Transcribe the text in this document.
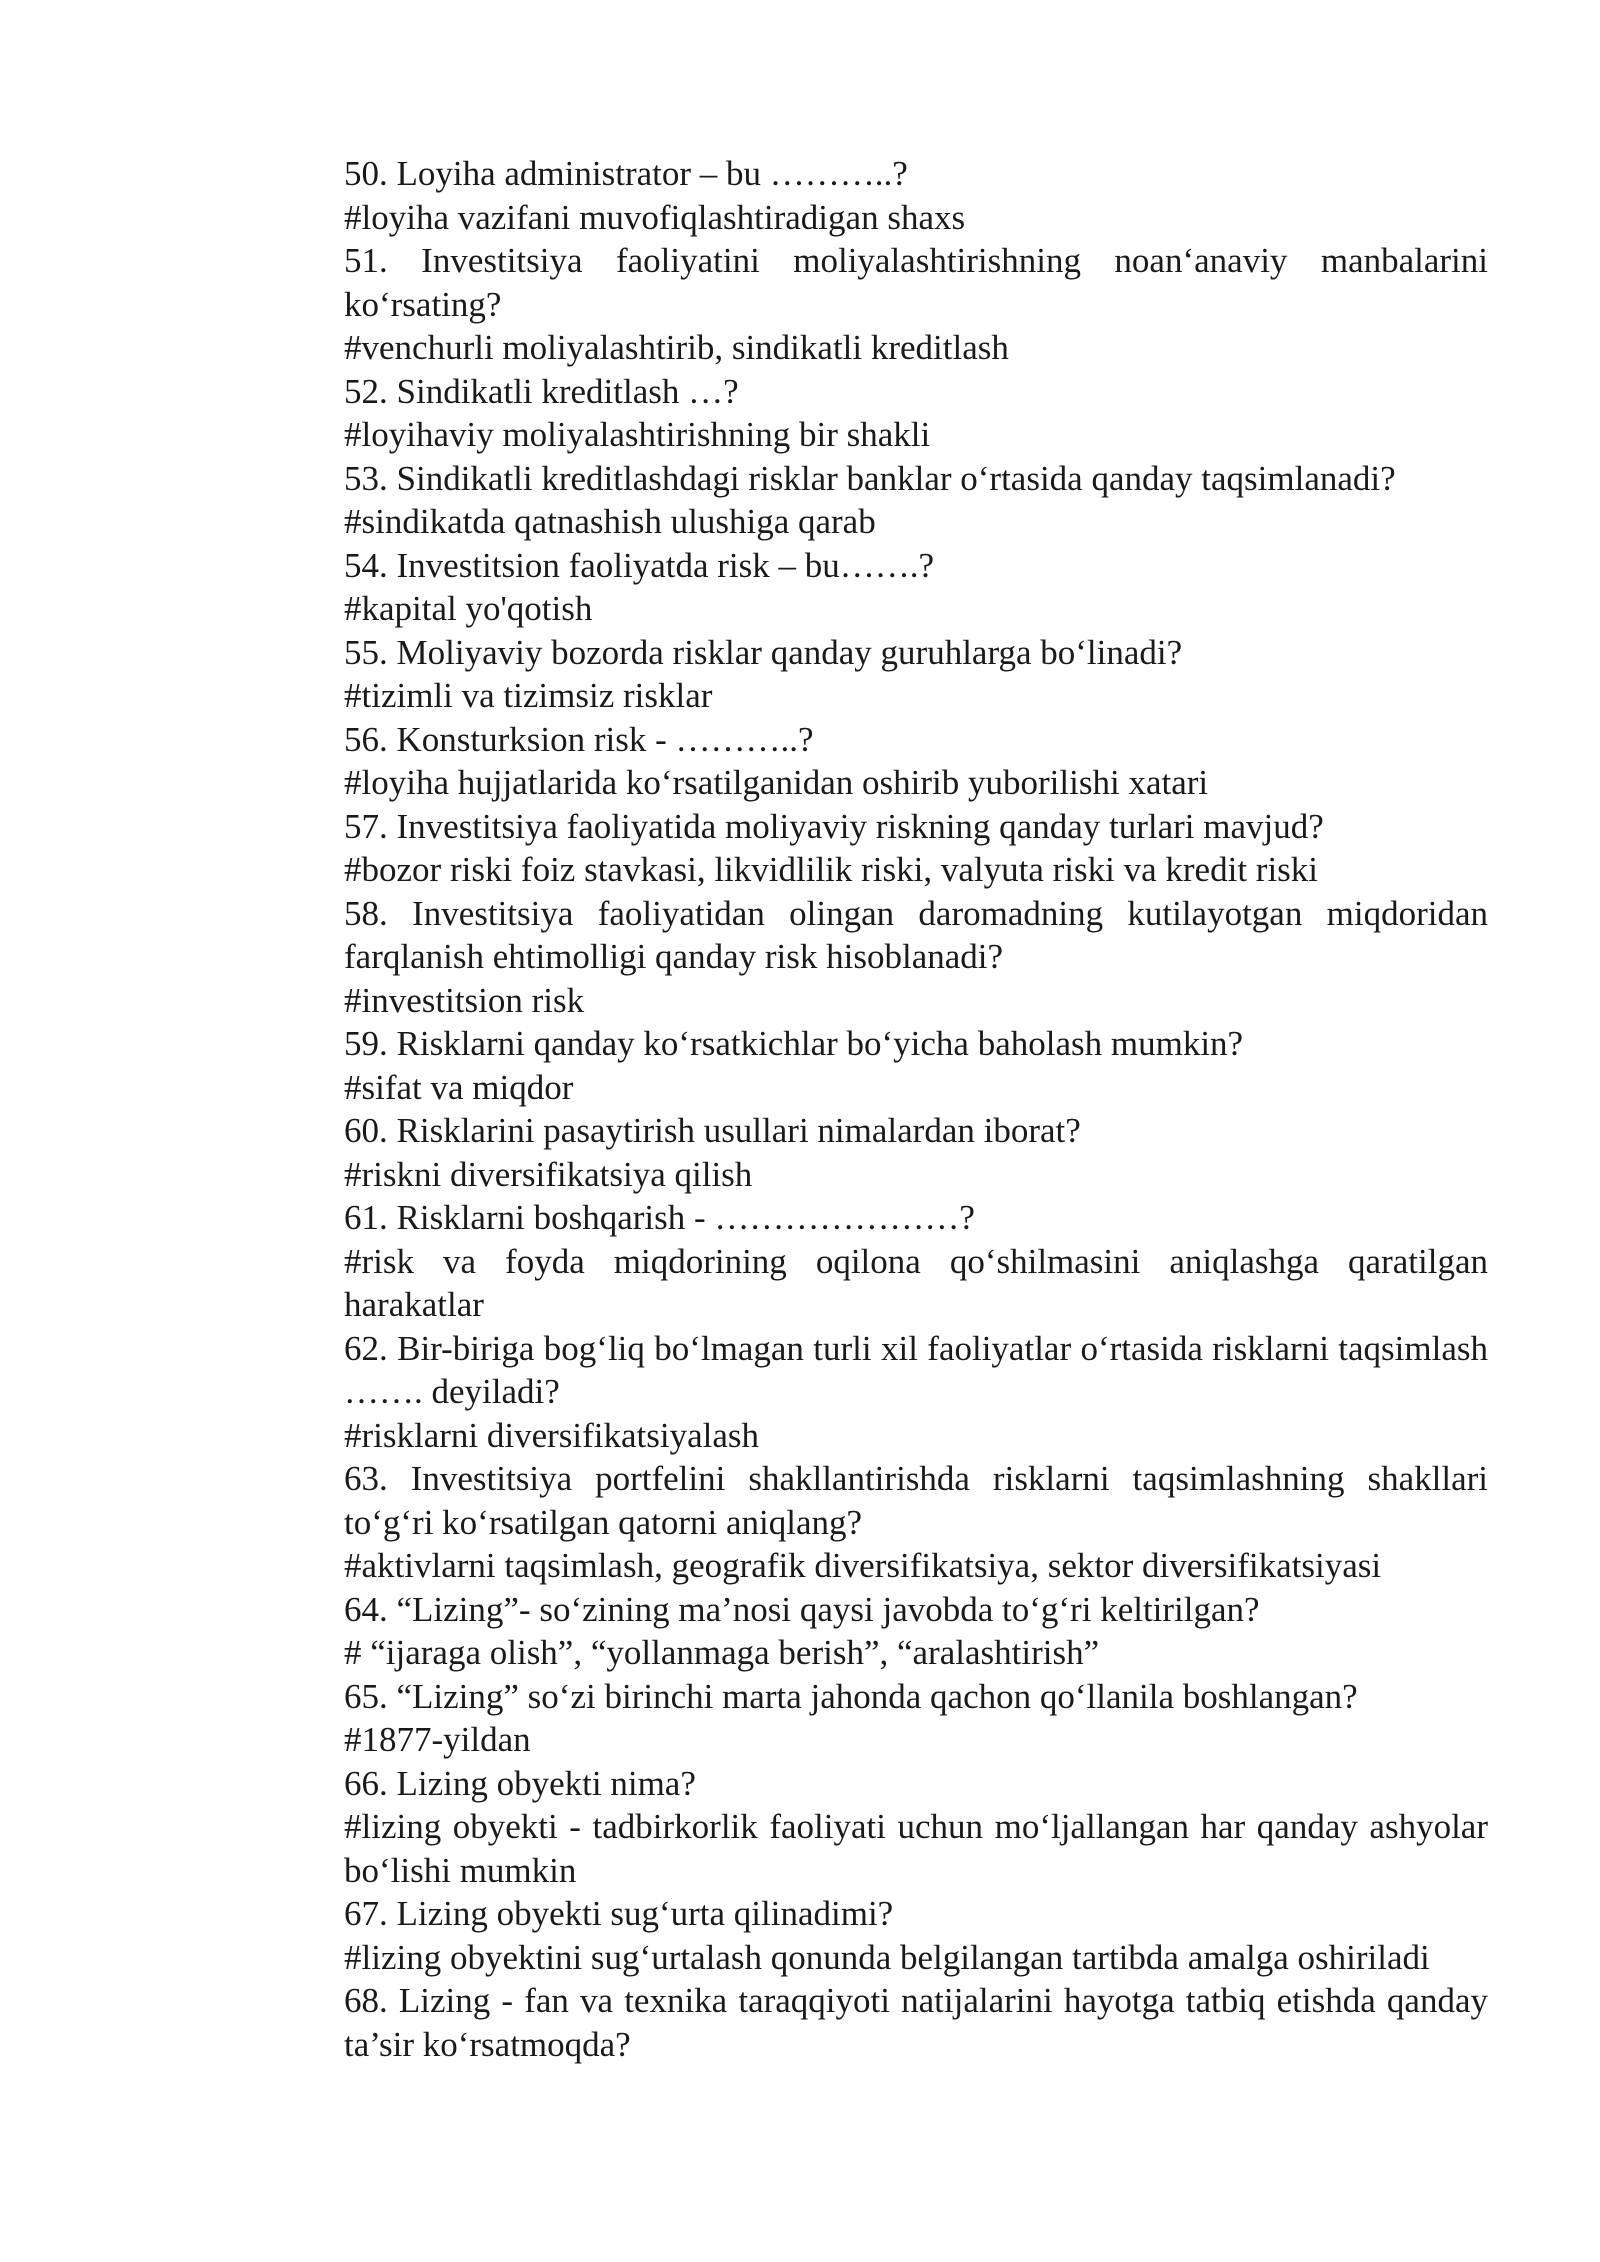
50. Loyiha administrator – bu ………..?
#loyiha vazifani muvofiqlashtiradigan shaxs
51. Investitsiya faoliyatini moliyalashtirishning noan‘anaviy manbalarini ko‘rsating?
#venchurli moliyalashtirib, sindikatli kreditlash
52. Sindikatli kreditlash …?
#loyihaviy moliyalashtirishning bir shakli
53. Sindikatli kreditlashdagi risklar banklar o‘rtasida qanday taqsimlanadi?
#sindikatda qatnashish ulushiga qarab
54. Investitsion faoliyatda risk – bu…….?
#kapital yo'qotish
55. Moliyaviy bozorda risklar qanday guruhlarga bo‘linadi?
#tizimli va tizimsiz risklar
56. Konsturksion risk - ………..?
#loyiha hujjatlarida ko‘rsatilganidan oshirib yuborilishi xatari
57. Investitsiya faoliyatida moliyaviy riskning qanday turlari mavjud?
#bozor riski foiz stavkasi, likvidlilik riski, valyuta riski va kredit riski
58. Investitsiya faoliyatidan olingan daromadning kutilayotgan miqdoridan farqlanish ehtimolligi qanday risk hisoblanadi?
#investitsion risk
59. Risklarni qanday ko‘rsatkichlar bo‘yicha baholash mumkin?
#sifat va miqdor
60. Risklarini pasaytirish usullari nimalardan iborat?
#riskni diversifikatsiya qilish
61. Risklarni boshqarish - …………………?
#risk va foyda miqdorining oqilona qo‘shilmasini aniqlashga qaratilgan harakatlar
62. Bir-biriga bog‘liq bo‘lmagan turli xil faoliyatlar o‘rtasida risklarni taqsimlash ……. deyiladi?
#risklarni diversifikatsiyalash
63. Investitsiya portfelini shakllantirishda risklarni taqsimlashning shakllari to‘g‘ri ko‘rsatilgan qatorni aniqlang?
#aktivlarni taqsimlash, geografik diversifikatsiya, sektor diversifikatsiyasi
64. “Lizing”- so‘zining ma’nosi qaysi javobda to‘g‘ri keltirilgan?
# “ijaraga olish”, “yollanmaga berish”, “aralashtirish”
65. “Lizing” so‘zi birinchi marta jahonda qachon qo‘llanila boshlangan?
#1877-yildan
66. Lizing obyekti nima?
#lizing obyekti - tadbirkorlik faoliyati uchun mo‘ljallangan har qanday ashyolar bo‘lishi mumkin
67. Lizing obyekti sug‘urta qilinadimi?
#lizing obyektini sug‘urtalash qonunda belgilangan tartibda amalga oshiriladi
68. Lizing - fan va texnika taraqqiyoti natijalarini hayotga tatbiq etishda qanday ta’sir ko‘rsatmoqda?
